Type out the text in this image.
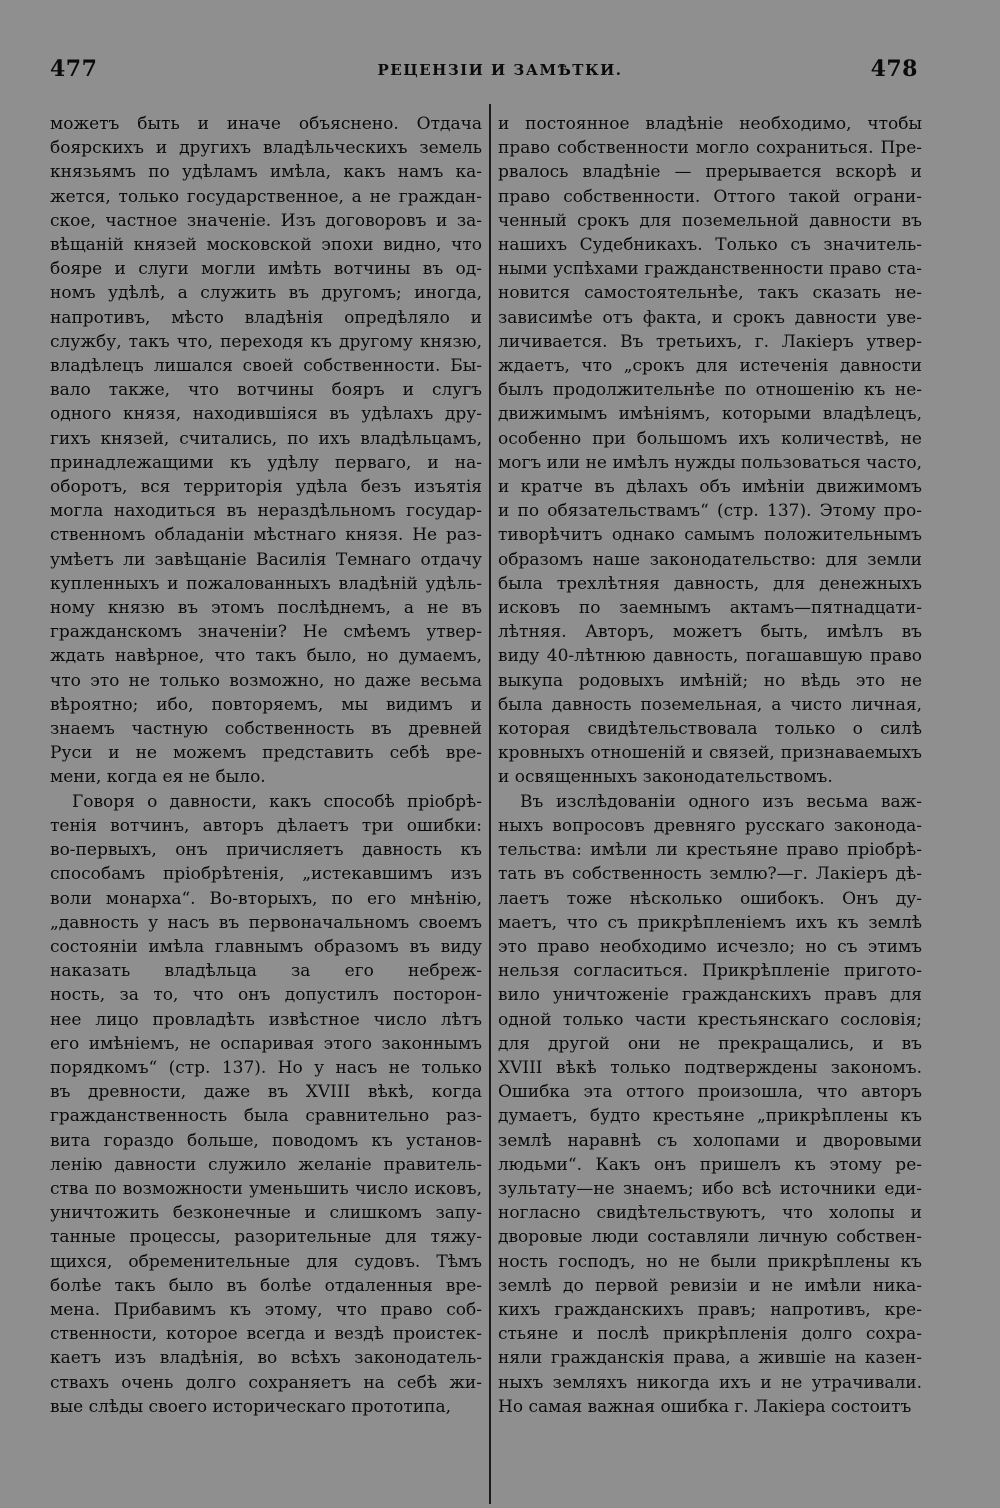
477	РЕЦЕНЗІИ И ЗАМѢТКИ.	478
можетъ быть и иначе объяснено. Отдача
боярскихъ и другихъ владѣльческихъ земель
князьямъ по удѣламъ имѣла, какъ намъ ка-
жется, только государственное, а не граждан-
ское, частное значеніе. Изъ договоровъ и за-
вѣщаній князей московской эпохи видно, что
бояре и слуги могли имѣть вотчины въ од-
номъ удѣлѣ, а служить въ другомъ; иногда,
напротивъ, мѣсто владѣнія опредѣляло и
службу, такъ что, переходя къ другому князю,
владѣлецъ лишался своей собственности. Бы-
вало также, что вотчины бояръ и слугъ
одного князя, находившіяся въ удѣлахъ дру-
гихъ князей, считались, по ихъ владѣльцамъ,
принадлежащими къ удѣлу перваго, и на-
оборотъ, вся территорія удѣла безъ изъятія
могла находиться въ нераздѣльномъ государ-
ственномъ обладаніи мѣстнаго князя. Не раз-
умѣетъ ли завѣщаніе Василія Темнаго отдачу
купленныхъ и пожалованныхъ владѣній удѣль-
ному князю въ этомъ послѣднемъ, а не въ
гражданскомъ значеніи? Не смѣемъ утвер-
ждать навѣрное, что такъ было, но думаемъ,
что это не только возможно, но даже весьма
вѣроятно; ибо, повторяемъ, мы видимъ и
знаемъ частную собственность въ древней
Руси и не можемъ представить себѣ вре-
мени, когда ея не было.
Говоря о давности, какъ способѣ пріобрѣ-
тенія вотчинъ, авторъ дѣлаетъ три ошибки:
во-первыхъ, онъ причисляетъ давность къ
способамъ пріобрѣтенія, „истекавшимъ изъ
воли монарха“. Во-вторыхъ, по его мнѣнію,
„давность у насъ въ первоначальномъ своемъ
состояніи имѣла главнымъ образомъ въ виду
наказать владѣльца за его небреж-
ность, за то, что онъ допустилъ посторон-
нее лицо провладѣть извѣстное число лѣтъ
его имѣніемъ, не оспаривая этого законнымъ
порядкомъ“ (стр. 137). Но у насъ не только
въ древности, даже въ XVIII вѣкѣ, когда
гражданственность была сравнительно раз-
вита гораздо больше, поводомъ къ установ-
ленію давности служило желаніе правитель-
ства по возможности уменьшить число исковъ,
уничтожить безконечные и слишкомъ запу-
танные процессы, разорительные для тяжу-
щихся, обременительные для судовъ. Тѣмъ
болѣе такъ было въ болѣе отдаленныя вре-
мена. Прибавимъ къ этому, что право соб-
ственности, которое всегда и вездѣ проистек-
каетъ изъ владѣнія, во всѣхъ законодатель-
ствахъ очень долго сохраняетъ на себѣ жи-
вые слѣды своего историческаго прототипа,
и постоянное владѣніе необходимо, чтобы
право собственности могло сохраниться. Пре-
рвалось владѣніе — прерывается вскорѣ и
право собственности. Оттого такой ограни-
ченный срокъ для поземельной давности въ
нашихъ Судебникахъ. Только съ значитель-
ными успѣхами гражданственности право ста-
новится самостоятельнѣе, такъ сказать не-
зависимѣе отъ факта, и срокъ давности уве-
личивается. Въ третьихъ, г. Лакіеръ утвер-
ждаетъ, что „срокъ для истеченія давности
былъ продолжительнѣе по отношенію къ не-
движимымъ имѣніямъ, которыми владѣлецъ,
особенно при большомъ ихъ количествѣ, не
могъ или не имѣлъ нужды пользоваться часто,
и кратче въ дѣлахъ объ имѣніи движимомъ
и по обязательствамъ“ (стр. 137). Этому про-
тиворѣчитъ однако самымъ положительнымъ
образомъ наше законодательство: для земли
была трехлѣтняя давность, для денежныхъ
исковъ по заемнымъ актамъ—пятнадцати-
лѣтняя. Авторъ, можетъ быть, имѣлъ въ
виду 40-лѣтнюю давность, погашавшую право
выкупа родовыхъ имѣній; но вѣдь это не
была давность поземельная, а чисто личная,
которая свидѣтельствовала только о силѣ
кровныхъ отношеній и связей, признаваемыхъ
и освященныхъ законодательствомъ.
Въ изслѣдованіи одного изъ весьма важ-
ныхъ вопросовъ древняго русскаго законода-
тельства: имѣли ли крестьяне право пріобрѣ-
тать въ собственность землю?—г. Лакіеръ дѣ-
лаетъ тоже нѣсколько ошибокъ. Онъ ду-
маетъ, что съ прикрѣпленіемъ ихъ къ землѣ
это право необходимо исчезло; но съ этимъ
нельзя согласиться. Прикрѣпленіе пригото-
вило уничтоженіе гражданскихъ правъ для
одной только части крестьянскаго сословія;
для другой они не прекращались, и въ
XVIII вѣкѣ только подтверждены закономъ.
Ошибка эта оттого произошла, что авторъ
думаетъ, будто крестьяне „прикрѣплены къ
землѣ наравнѣ съ холопами и дворовыми
людьми“. Какъ онъ пришелъ къ этому ре-
зультату—не знаемъ; ибо всѣ источники еди-
ногласно свидѣтельствуютъ, что холопы и
дворовые люди составляли личную собствен-
ность господъ, но не были прикрѣплены къ
землѣ до первой ревизіи и не имѣли ника-
кихъ гражданскихъ правъ; напротивъ, кре-
стьяне и послѣ прикрѣпленія долго сохра-
няли гражданскія права, а жившіе на казен-
ныхъ земляхъ никогда ихъ и не утрачивали.
Но самая важная ошибка г. Лакіера состоитъ
